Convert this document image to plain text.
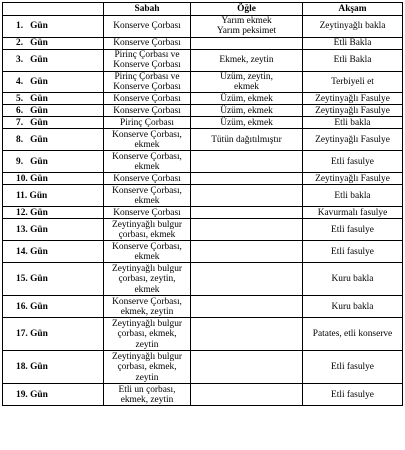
	Sabah	Öğle	Akşam

1.   Gün	Konserve Çorbası	Yarım ekmek
Yarım peksimet	Zeytinyağlı bakla

2.   Gün	Konserve Çorbası		Etli Bakla

3.   Gün	Pirinç Çorbası ve
Konserve Çorbası	Ekmek, zeytin	Etli Bakla

4.   Gün	Pirinç Çorbası ve
Konserve Çorbası	Üzüm, zeytin,
ekmek	Terbiyeli et

5.   Gün	Konserve Çorbası	Üzüm, ekmek	Zeytinyağlı Fasulye

6.   Gün	Konserve Çorbası	Üzüm, ekmek	Zeytinyağlı Fasulye

7.   Gün	Pirinç Çorbası	Üzüm, ekmek	Etli bakla

8.   Gün	Konserve Çorbası,
ekmek	Tütün dağıtılmıştır	Zeytinyağlı Fasulye

9.   Gün	Konserve Çorbası,
ekmek		Etli fasulye

10. Gün	Konserve Çorbası		Zeytinyağlı Fasulye

11. Gün	Konserve Çorbası,
ekmek		Etli bakla

12. Gün	Konserve Çorbası		Kavurmalı fasulye

13. Gün	Zeytinyağlı bulgur
çorbası, ekmek		Etli fasulye

14. Gün	Konserve Çorbası,
ekmek		Etli fasulye

15. Gün	Zeytinyağlı bulgur
çorbası, zeytin,
ekmek		Kuru bakla

16. Gün	Konserve Çorbası,
ekmek, zeytin		Kuru bakla

17. Gün	Zeytinyağlı bulgur
çorbası, ekmek,
zeytin		Patates, etli konserve

18. Gün	Zeytinyağlı bulgur
çorbası, ekmek,
zeytin		Etli fasulye

19. Gün	Etli un çorbası,
ekmek, zeytin		Etli fasulye
